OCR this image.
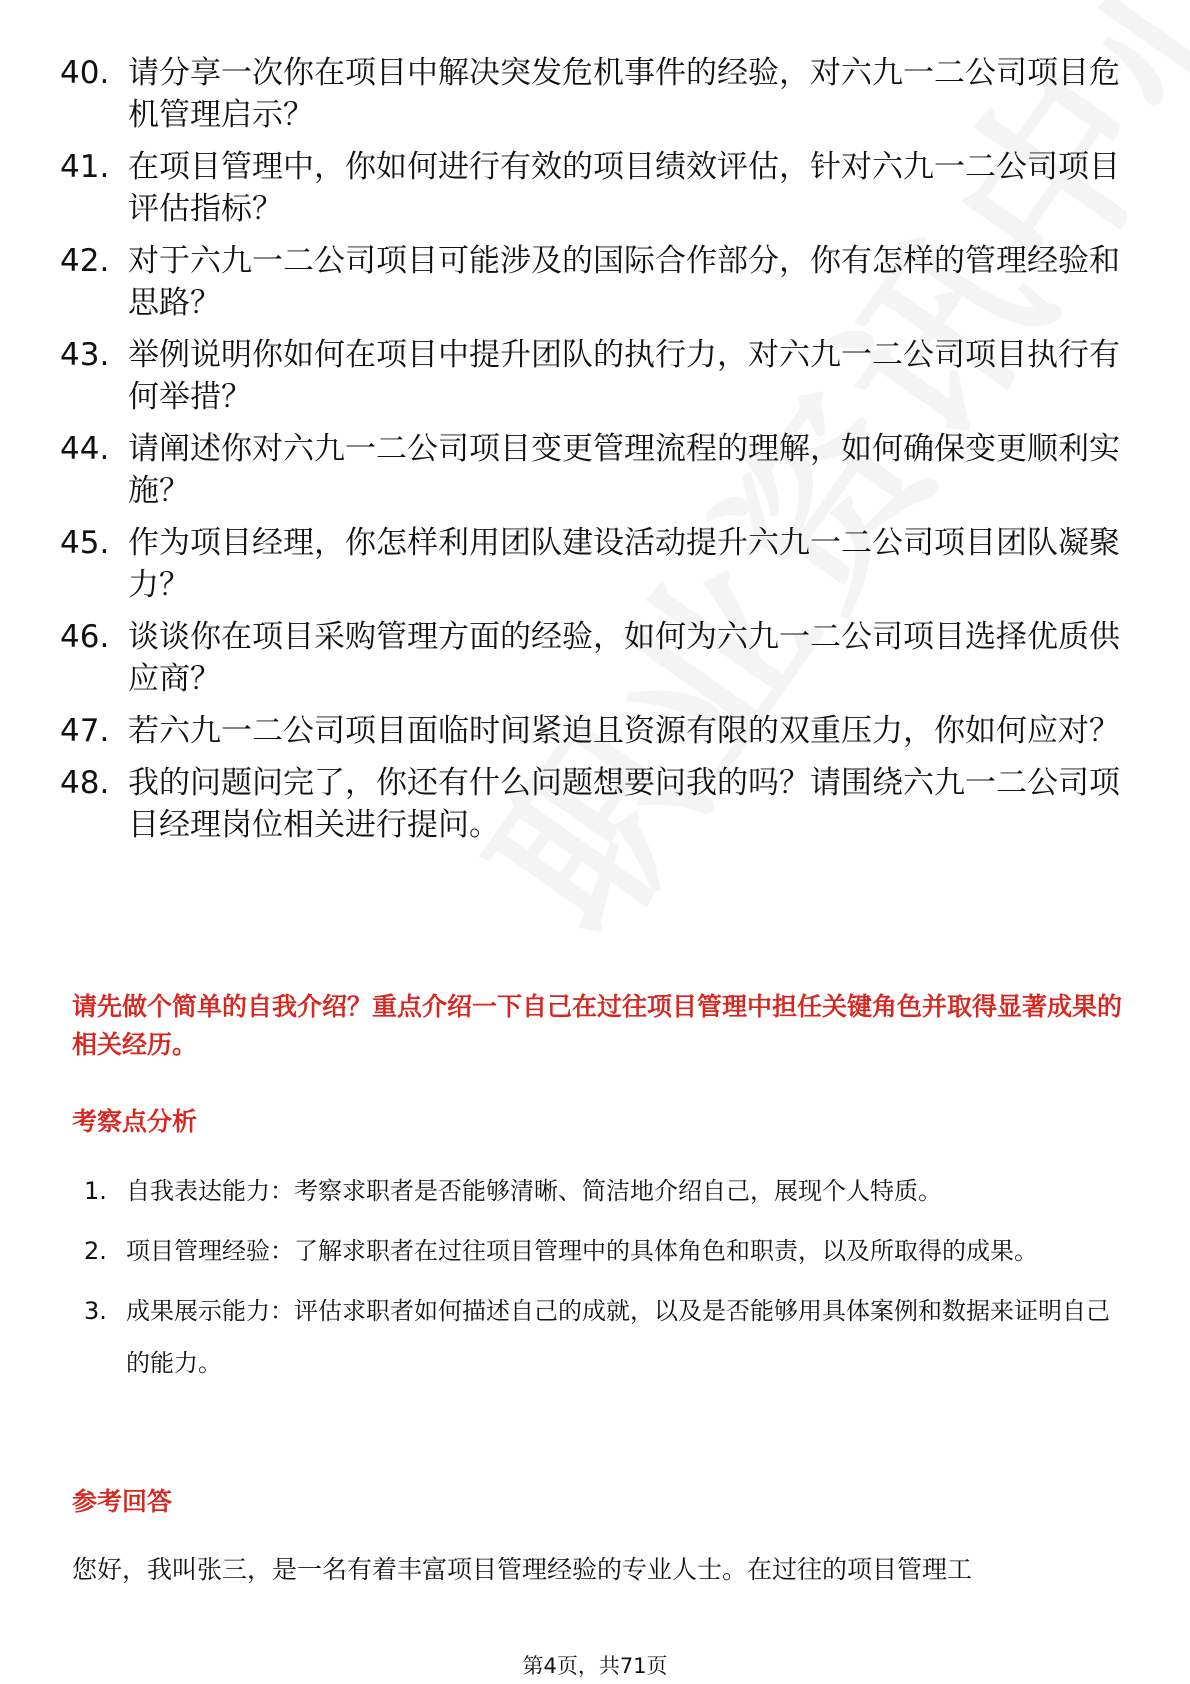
40. 请分享一次你在项目中解决突发危机事件的经验，对六九一二公司项目危机管理启示？
41. 在项目管理中，你如何进行有效的项目绩效评估，针对六九一二公司项目评估指标？
42. 对于六九一二公司项目可能涉及的国际合作部分，你有怎样的管理经验和思路？
43. 举例说明你如何在项目中提升团队的执行力，对六九一二公司项目执行有何举措？
44. 请阐述你对六九一二公司项目变更管理流程的理解，如何确保变更顺利实施？
45. 作为项目经理，你怎样利用团队建设活动提升六九一二公司项目团队凝聚力？
46. 谈谈你在项目采购管理方面的经验，如何为六九一二公司项目选择优质供应商？
47. 若六九一二公司项目面临时间紧迫且资源有限的双重压力，你如何应对？
48. 我的问题问完了，你还有什么问题想要问我的吗？请围绕六九一二公司项目经理岗位相关进行提问。
请先做个简单的自我介绍？重点介绍一下自己在过往项目管理中担任关键角色并取得显著成果的相关经历。
考察点分析
1. 自我表达能力：考察求职者是否能够清晰、简洁地介绍自己，展现个人特质。
2. 项目管理经验：了解求职者在过往项目管理中的具体角色和职责，以及所取得的成果。
3. 成果展示能力：评估求职者如何描述自己的成就，以及是否能够用具体案例和数据来证明自己的能力。
参考回答
您好，我叫张三，是一名有着丰富项目管理经验的专业人士。在过往的项目管理工
第4页，共71页
